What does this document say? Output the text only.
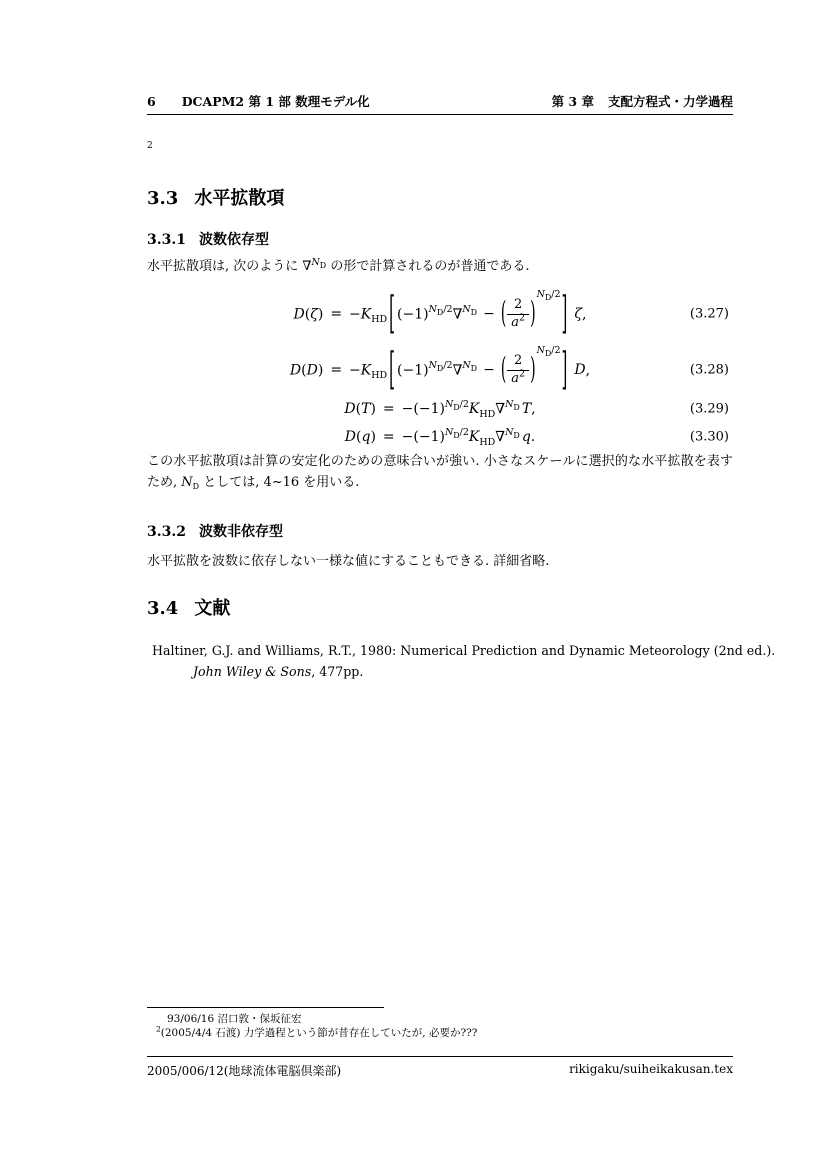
6 DCAPM2 第 1 部 数理モデル化	第 3 章 支配方程式・力学過程
2
3.3 水平拡散項
3.3.1 波数依存型
水平拡散項は, 次のように ∇$^{N_D}$ の形で計算されるのが普通である.
$D(\zeta) = -K_{HD}$ [ $(-1)^{N_D/2}\nabla^{N_D}$ − ( $\frac{2}{a^2} )^{N_D/2}$] ζ,	(3.27)
$D(D) = -K_{HD}$ [ $(-1)^{N_D/2}\nabla^{N_D}$ − ( $\frac{2}{a^2} )^{N_D/2}$] D,	(3.28)
$D(T) = -(-1)^{N_D/2}K_{HD}\nabla^{N_D}$ T,	(3.29)
$D(q) = -(-1)^{N_D/2}K_{HD}\nabla^{N_D}$ q.	(3.30)
この水平拡散項は計算の安定化のための意味合いが強い. 小さなスケールに選択的な水平拡散を表すため, $N_D$ としては, 4~16 を用いる.
3.3.2 波数非依存型
水平拡散を波数に依存しない一様な値にすることもできる. 詳細省略.
3.4 文献
Haltiner, G.J. and Williams, R.T., 1980: Numerical Prediction and Dynamic Meteorology (2nd ed.). John Wiley & Sons, 477pp.
93/06/16 沼口敦・保坂征宏
$^2$(2005/4/4 石渡) 力学過程という節が昔存在していたが, 必要か???
2005/006/12(地球流体電脳倶楽部)	rikigaku/suiheikakusan.tex
